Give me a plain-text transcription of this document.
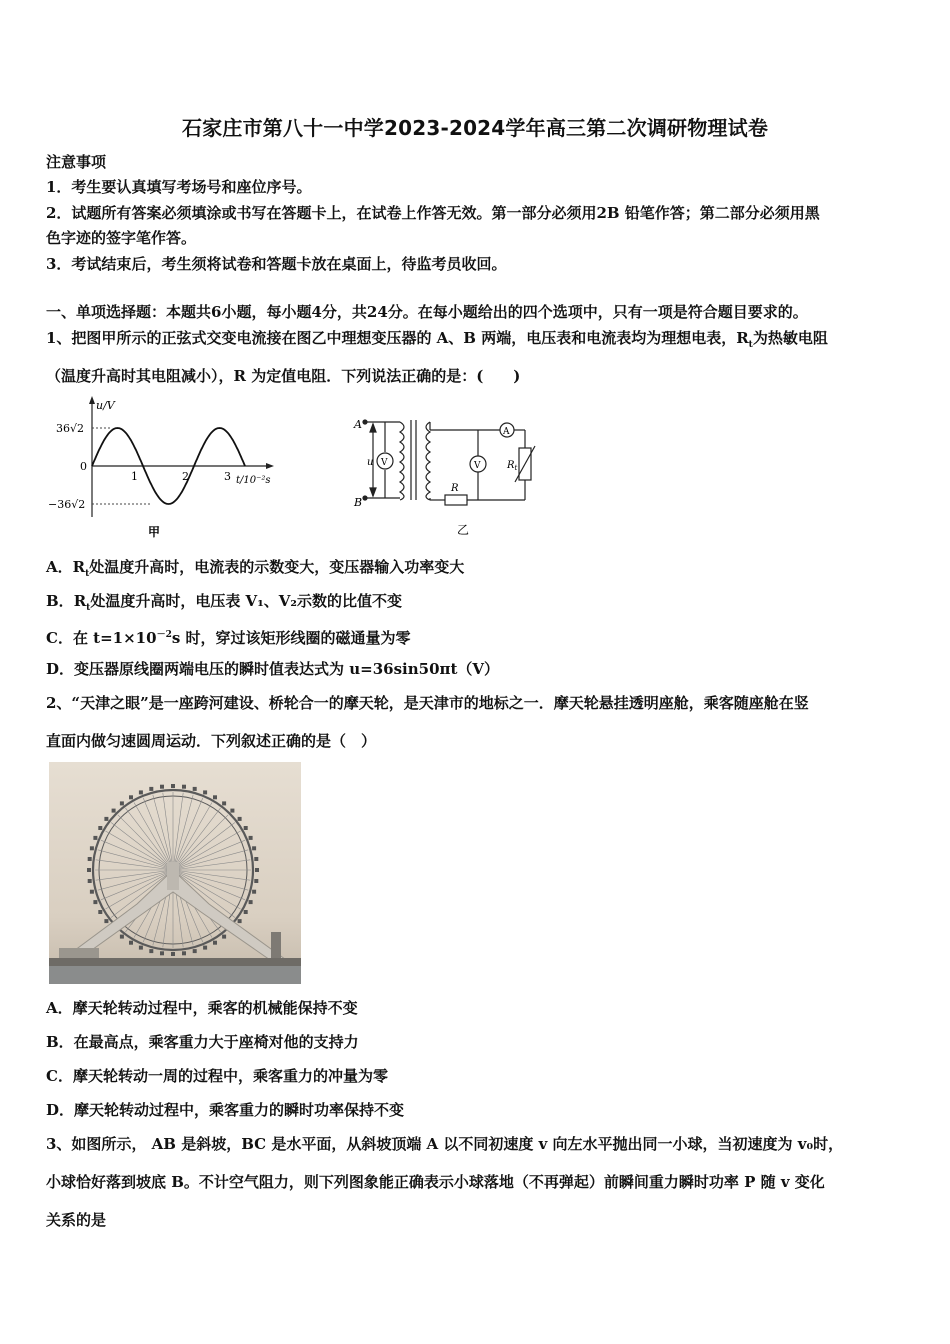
石家庄市第八十一中学2023-2024学年高三第二次调研物理试卷
注意事项
1．考生要认真填写考场号和座位序号。
2．试题所有答案必须填涂或书写在答题卡上，在试卷上作答无效。第一部分必须用2B 铅笔作答；第二部分必须用黑
色字迹的签字笔作答。
3．考试结束后，考生须将试卷和答题卡放在桌面上，待监考员收回。
一、单项选择题：本题共6小题，每小题4分，共24分。在每小题给出的四个选项中，只有一项是符合题目要求的。
1、把图甲所示的正弦式交变电流接在图乙中理想变压器的 A、B 两端，电压表和电流表均为理想电表，$R_t$为热敏电阻
（温度升高时其电阻减小），R 为定值电阻．下列说法正确的是：(　　)
u/V
t/10⁻²s
36√2
−36√2
0
1	2	3
甲
A
B
u V	V
A
R
$R_t$
乙
A．$R_t$处温度升高时，电流表的示数变大，变压器输入功率变大
B．$R_t$处温度升高时，电压表 V₁、V₂示数的比值不变
C．在 $t=1\times 10^{-2}s$ 时，穿过该矩形线圈的磁通量为零
D．变压器原线圈两端电压的瞬时值表达式为 u=36sin50πt（V）
2、“天津之眼”是一座跨河建设、桥轮合一的摩天轮，是天津市的地标之一．摩天轮悬挂透明座舱，乘客随座舱在竖
直面内做匀速圆周运动．下列叙述正确的是（　）
A．摩天轮转动过程中，乘客的机械能保持不变
B．在最高点，乘客重力大于座椅对他的支持力
C．摩天轮转动一周的过程中，乘客重力的冲量为零
D．摩天轮转动过程中，乘客重力的瞬时功率保持不变
3、如图所示， AB 是斜坡，BC 是水平面，从斜坡顶端 A 以不同初速度 v 向左水平抛出同一小球，当初速度为 v₀时，
小球恰好落到坡底 B。不计空气阻力，则下列图象能正确表示小球落地（不再弹起）前瞬间重力瞬时功率 P 随 v 变化
关系的是
